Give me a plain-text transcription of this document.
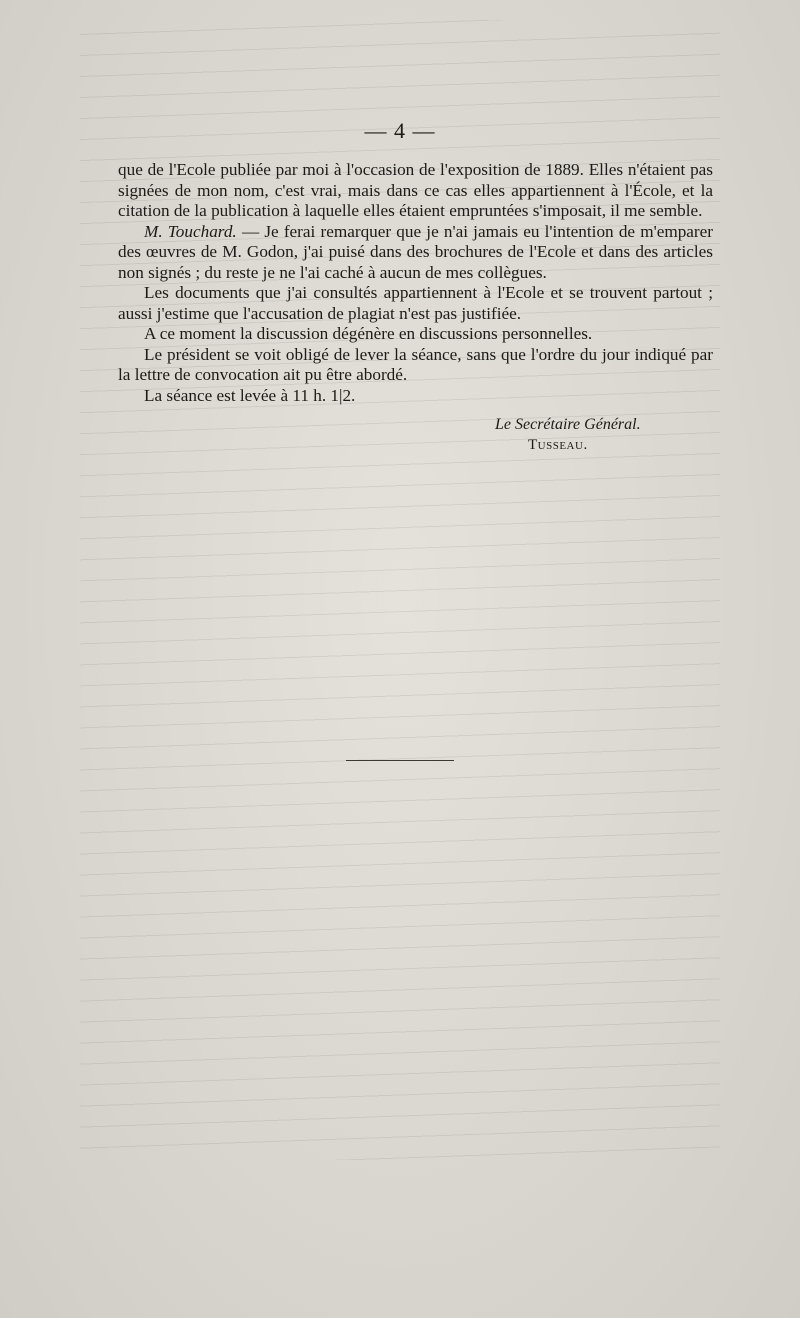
— 4 —

que de l'Ecole publiée par moi à l'occasion de l'exposition de 1889. Elles n'étaient pas signées de mon nom, c'est vrai, mais dans ce cas elles appartiennent à l'École, et la citation de la publication à laquelle elles étaient empruntées s'imposait, il me semble.

M. Touchard. — Je ferai remarquer que je n'ai jamais eu l'intention de m'emparer des œuvres de M. Godon, j'ai puisé dans des brochures de l'Ecole et dans des articles non signés ; du reste je ne l'ai caché à aucun de mes collègues.

Les documents que j'ai consultés appartiennent à l'Ecole et se trouvent partout ; aussi j'estime que l'accusation de plagiat n'est pas justifiée.

A ce moment la discussion dégénère en discussions personnelles.

Le président se voit obligé de lever la séance, sans que l'ordre du jour indiqué par la lettre de convocation ait pu être abordé.

La séance est levée à 11 h. 1|2.

Le Secrétaire Général.
Tusseau.
